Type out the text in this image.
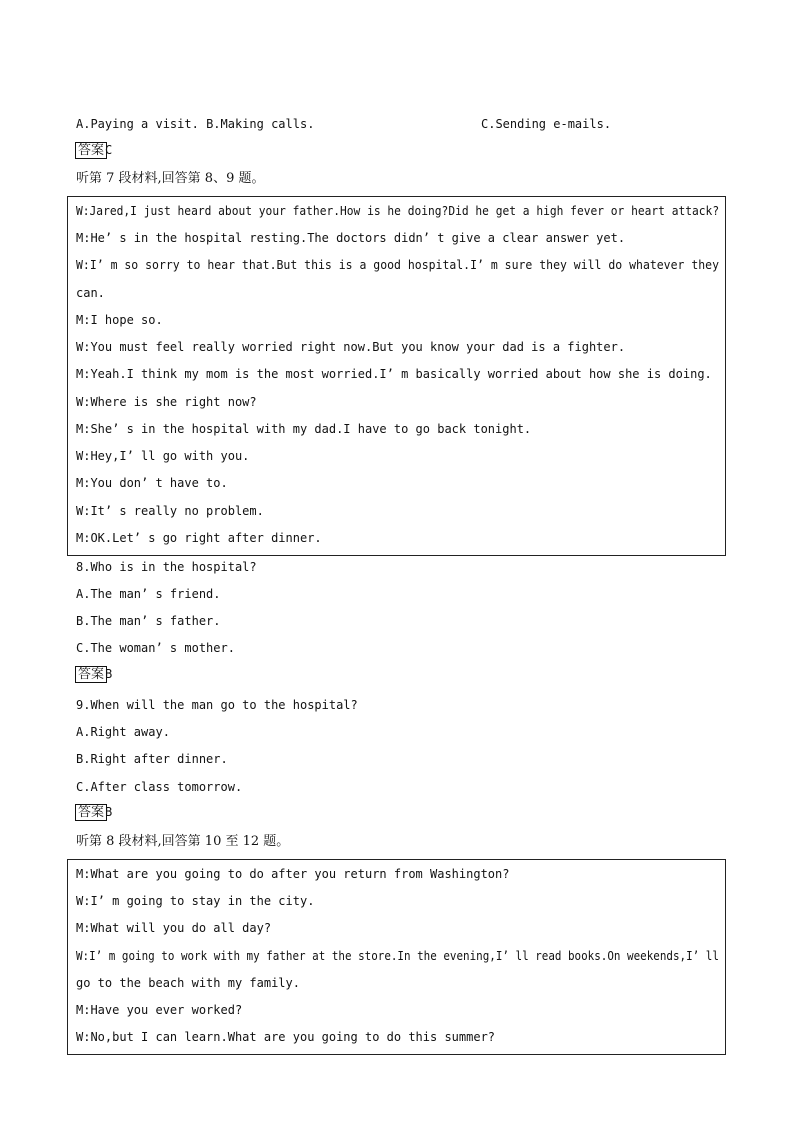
A.Paying a visit. B.Making calls.	C.Sending e-mails.
答案C
听第 7 段材料,回答第 8、9 题。
W:Jared,I just heard about your father.How is he doing?Did he get a high fever or heart attack?
M:He’ s in the hospital resting.The doctors didn’ t give a clear answer yet.
W:I’ m so sorry to hear that.But this is a good hospital.I’ m sure they will do whatever they
can.
M:I hope so.
W:You must feel really worried right now.But you know your dad is a fighter.
M:Yeah.I think my mom is the most worried.I’ m basically worried about how she is doing.
W:Where is she right now?
M:She’ s in the hospital with my dad.I have to go back tonight.
W:Hey,I’ ll go with you.
M:You don’ t have to.
W:It’ s really no problem.
M:OK.Let’ s go right after dinner.
8.Who is in the hospital?
A.The man’ s friend.
B.The man’ s father.
C.The woman’ s mother.
答案B
9.When will the man go to the hospital?
A.Right away.
B.Right after dinner.
C.After class tomorrow.
答案B
听第 8 段材料,回答第 10 至 12 题。
M:What are you going to do after you return from Washington?
W:I’ m going to stay in the city.
M:What will you do all day?
W:I’ m going to work with my father at the store.In the evening,I’ ll read books.On weekends,I’ ll
go to the beach with my family.
M:Have you ever worked?
W:No,but I can learn.What are you going to do this summer?
